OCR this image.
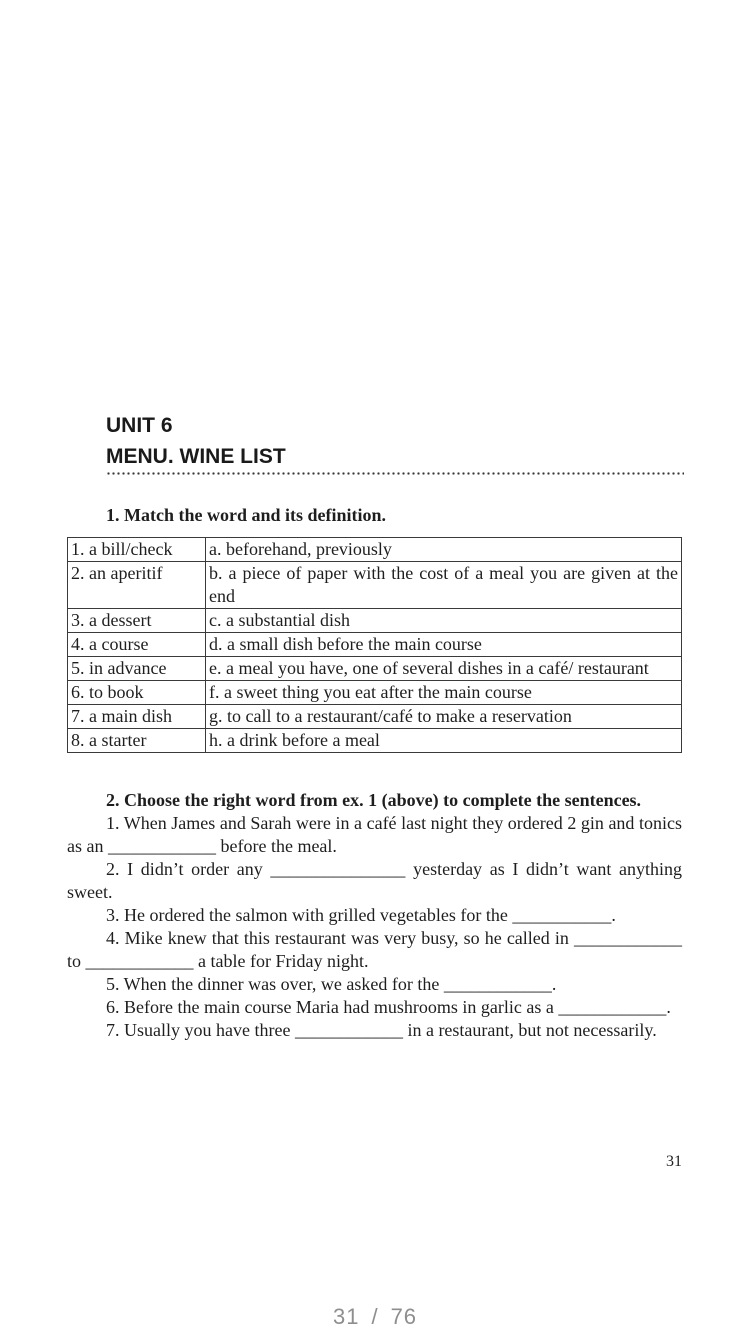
UNIT 6
MENU. WINE LIST

1. Match the word and its definition.

1. a bill/check	a. beforehand, previously
2. an aperitif	b. a piece of paper with the cost of a meal you are given at the end
3. a dessert	c. a substantial dish
4. a course	d. a small dish before the main course
5. in advance	e. a meal you have, one of several dishes in a café/ restaurant
6. to book	f. a sweet thing you eat after the main course
7. a main dish	g. to call to a restaurant/café to make a reservation
8. a starter	h. a drink before a meal

2. Choose the right word from ex. 1 (above) to complete the sentences.

1. When James and Sarah were in a café last night they ordered 2 gin and tonics as an ____________ before the meal.

2. I didn’t order any _______________ yesterday as I didn’t want anything sweet.

3. He ordered the salmon with grilled vegetables for the ___________.

4. Mike knew that this restaurant was very busy, so he called in ____________ to ____________ a table for Friday night.

5. When the dinner was over, we asked for the ____________.

6. Before the main course Maria had mushrooms in garlic as a ____________.

7. Usually you have three ____________ in a restaurant, but not necessarily.

31
31 / 76
